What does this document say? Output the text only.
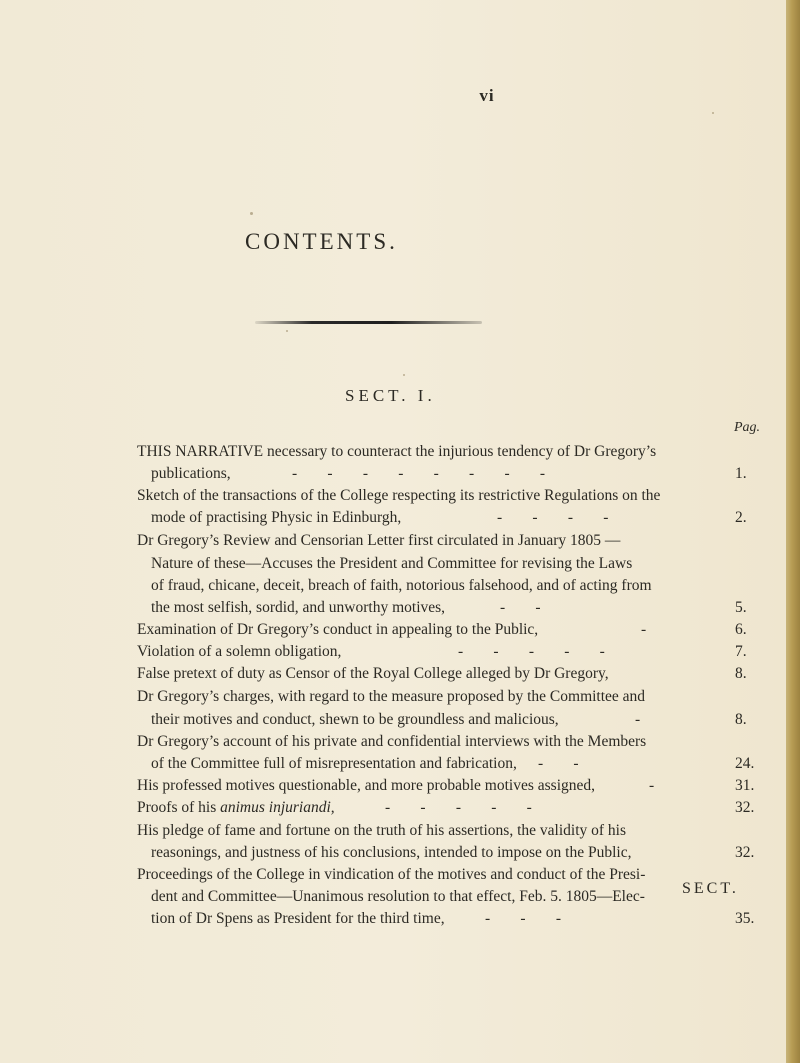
vi
CONTENTS.
SECT. I.
Pag.
THIS NARRATIVE necessary to counteract the injurious tendency of Dr Gregory’s
publications,	-      -      -      -      -      -      -      -	1.
Sketch of the transactions of the College respecting its restrictive Regulations on the
mode of practising Physic in Edinburgh,	-      -      -      -	2.
Dr Gregory’s Review and Censorian Letter first circulated in January 1805 —
Nature of these—Accuses the President and Committee for revising the Laws
of fraud, chicane, deceit, breach of faith, notorious falsehood, and of acting from
the most selfish, sordid, and unworthy motives,	-      -	5.
Examination of Dr Gregory’s conduct in appealing to the Public,	-	6.
Violation of a solemn obligation,	-      -      -      -      -	7.
False pretext of duty as Censor of the Royal College alleged by Dr Gregory,	8.
Dr Gregory’s charges, with regard to the measure proposed by the Committee and
their motives and conduct, shewn to be groundless and malicious,	-	8.
Dr Gregory’s account of his private and confidential interviews with the Members
of the Committee full of misrepresentation and fabrication, -      -	24.
His professed motives questionable, and more probable motives assigned,	-	31.
Proofs of his animus injuriandi,	-      -      -      -      -	32.
His pledge of fame and fortune on the truth of his assertions, the validity of his
reasonings, and justness of his conclusions, intended to impose on the Public,	32.
Proceedings of the College in vindication of the motives and conduct of the Presi-
dent and Committee—Unanimous resolution to that effect, Feb. 5. 1805—Elec-
tion of Dr Spens as President for the third time,	-      -      -	35.
SECT.
